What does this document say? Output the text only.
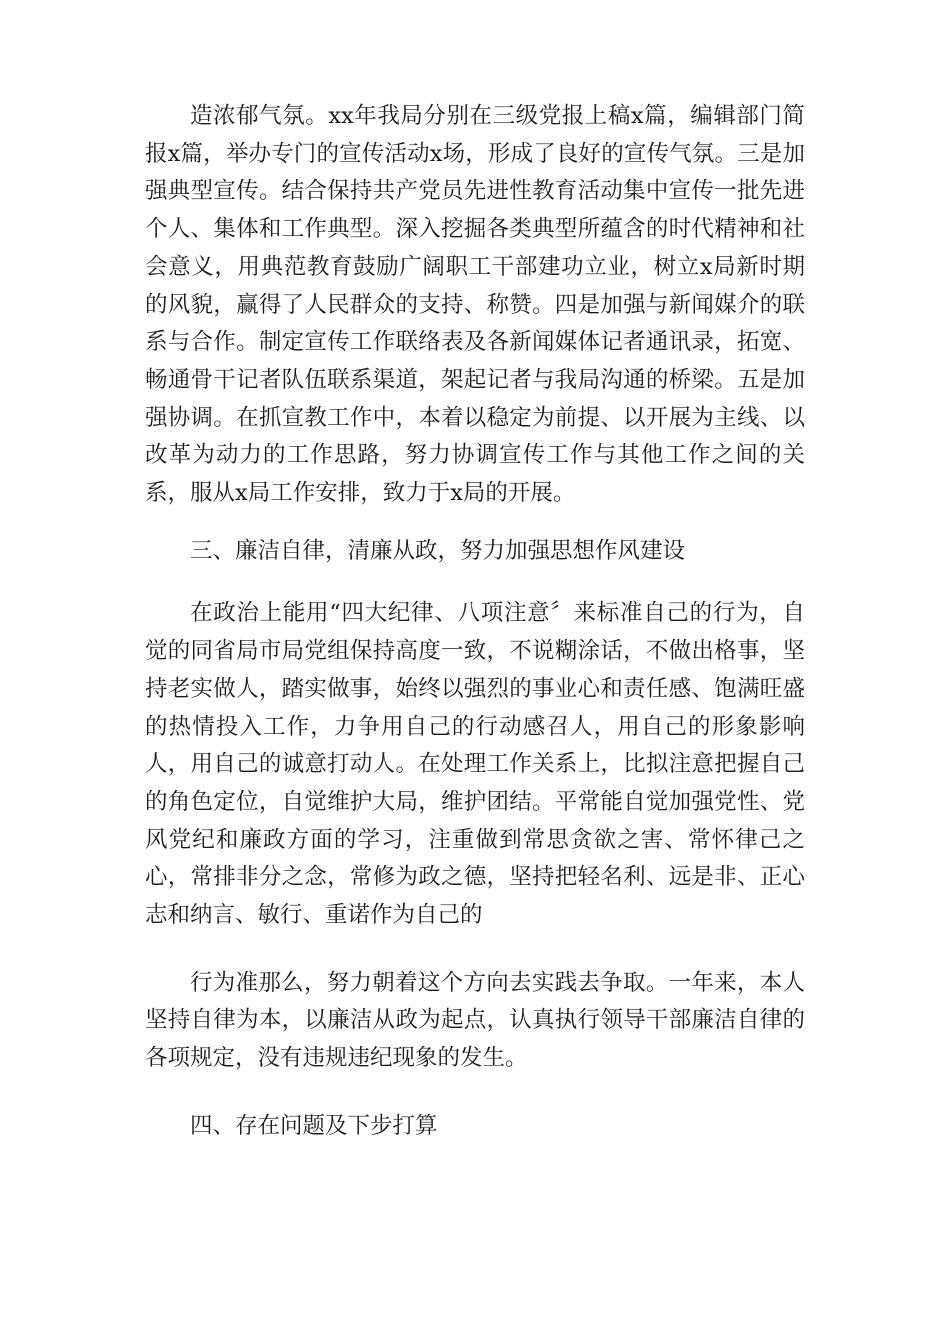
造浓郁气氛。xx年我局分别在三级党报上稿x篇，编辑部门简报x篇，举办专门的宣传活动x场，形成了良好的宣传气氛。三是加强典型宣传。结合保持共产党员先进性教育活动集中宣传一批先进个人、集体和工作典型。深入挖掘各类典型所蕴含的时代精神和社会意义，用典范教育鼓励广阔职工干部建功立业，树立x局新时期的风貌，赢得了人民群众的支持、称赞。四是加强与新闻媒介的联系与合作。制定宣传工作联络表及各新闻媒体记者通讯录，拓宽、畅通骨干记者队伍联系渠道，架起记者与我局沟通的桥梁。五是加强协调。在抓宣教工作中，本着以稳定为前提、以开展为主线、以改革为动力的工作思路，努力协调宣传工作与其他工作之间的关系，服从x局工作安排，致力于x局的开展。

三、廉洁自律，清廉从政，努力加强思想作风建设

在政治上能用“四大纪律、八项注意〞来标准自己的行为，自觉的同省局市局党组保持高度一致，不说糊涂话，不做出格事，坚持老实做人，踏实做事，始终以强烈的事业心和责任感、饱满旺盛的热情投入工作，力争用自己的行动感召人，用自己的形象影响人，用自己的诚意打动人。在处理工作关系上，比拟注意把握自己的角色定位，自觉维护大局，维护团结。平常能自觉加强党性、党风党纪和廉政方面的学习，注重做到常思贪欲之害、常怀律己之心，常排非分之念，常修为政之德，坚持把轻名利、远是非、正心志和纳言、敏行、重诺作为自己的

行为准那么，努力朝着这个方向去实践去争取。一年来，本人坚持自律为本，以廉洁从政为起点，认真执行领导干部廉洁自律的各项规定，没有违规违纪现象的发生。

四、存在问题及下步打算
